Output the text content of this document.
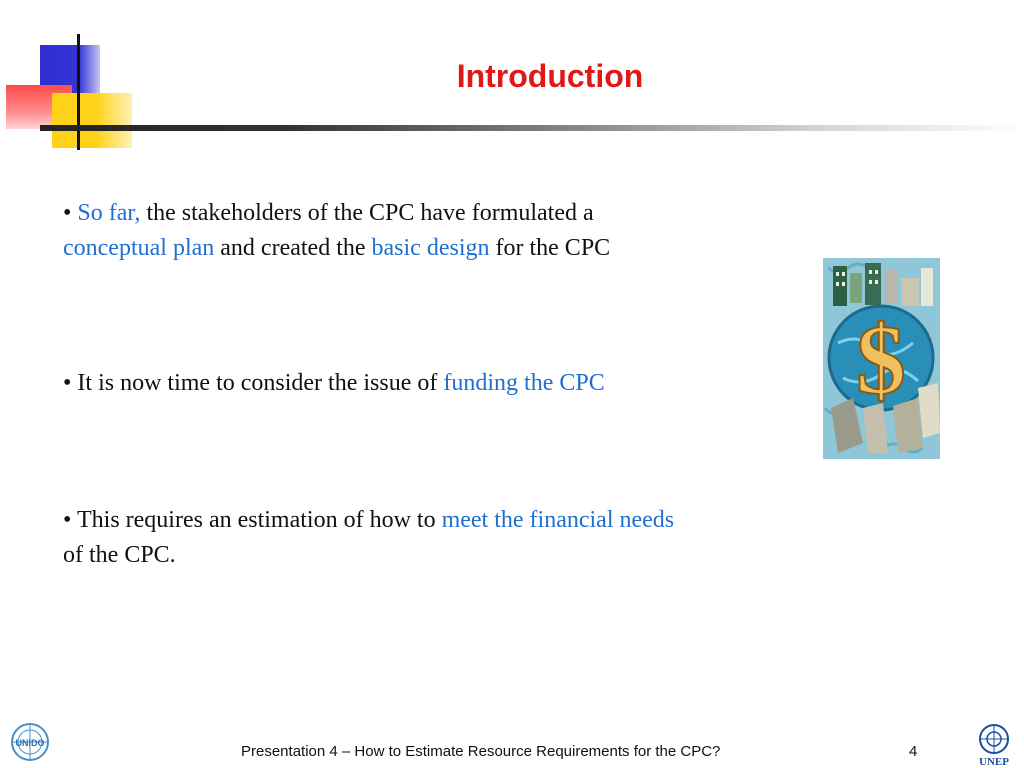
Introduction

• So far, the stakeholders of the CPC have formulated a
conceptual plan and created the basic design for the CPC

• It is now time to consider the issue of funding the CPC

• This requires an estimation of how to meet the financial needs
of the CPC.

$
UNIDO	Presentation 4 – How to Estimate Resource Requirements for the CPC?	4
UNEP
